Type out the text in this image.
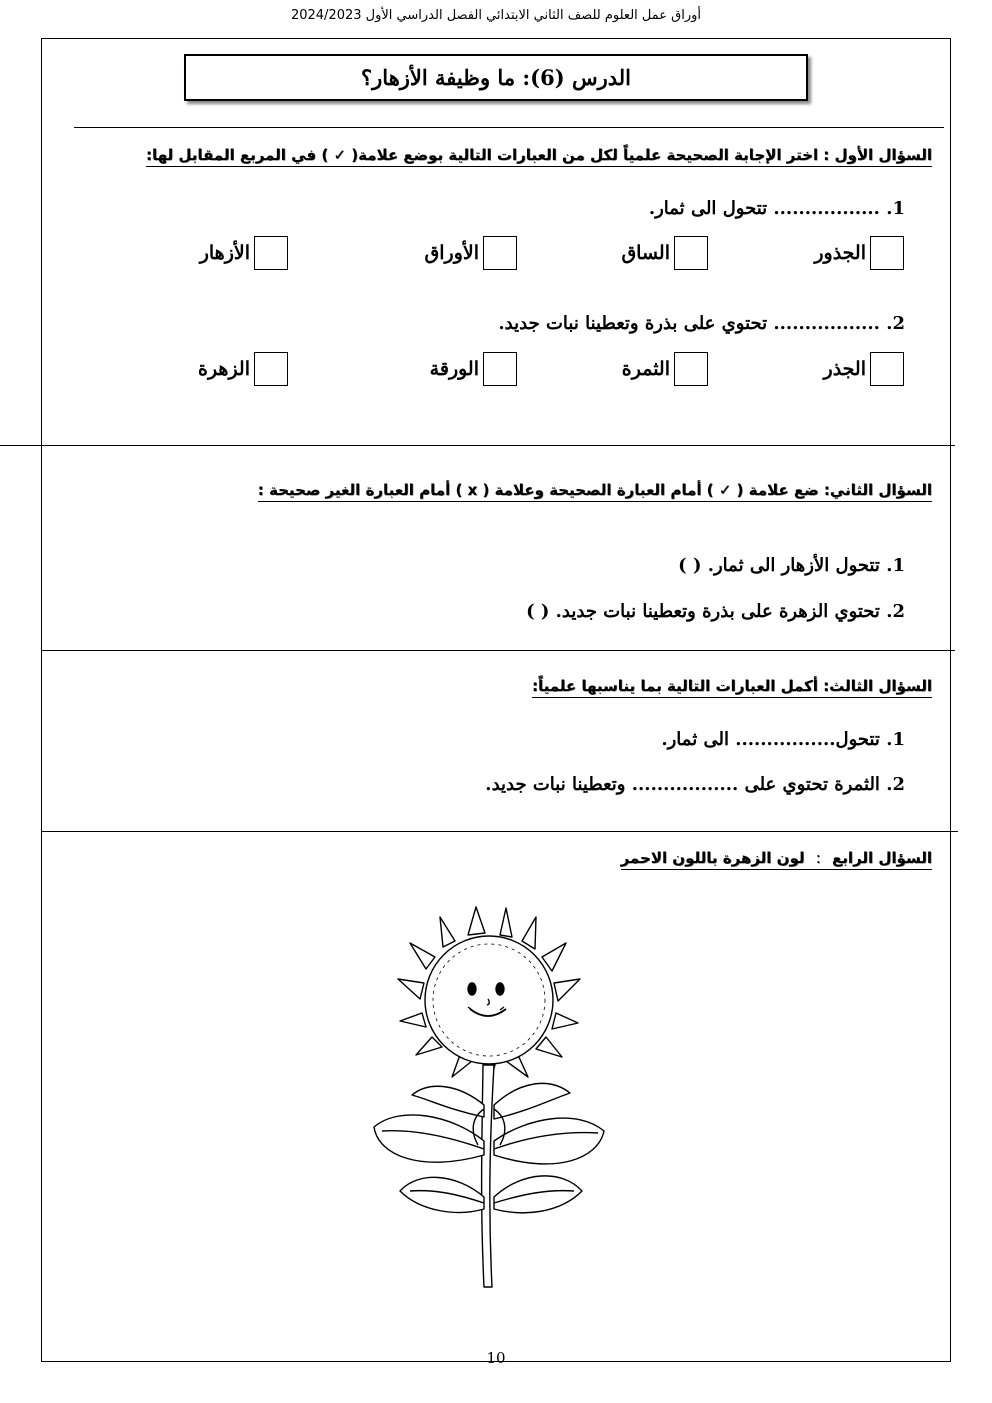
أوراق عمل العلوم للصف الثاني الابتدائي الفصل الدراسي الأول 2024/2023
الدرس (6): ما وظيفة الأزهار؟
السؤال الأول : اختر الإجابة الصحيحة علمياً لكل من العبارات التالية بوضع علامة( ✓ ) في المربع المقابل لها:
1. ................. تتحول الى ثمار.
الجذور
الساق
الأوراق
الأزهار
2. ................. تحتوي على بذرة وتعطينا نبات جديد.
الجذر
الثمرة
الورقة
الزهرة
السؤال الثاني: ضع علامة ( ✓ ) أمام العبارة الصحيحة وعلامة ( x ) أمام العبارة الغير صحيحة :
1. تتحول الأزهار الى ثمار. ( )
2. تحتوي الزهرة على بذرة وتعطينا نبات جديد. ( )
السؤال الثالث: أكمل العبارات التالية بما يناسبها علمياً:
1. تتحول................ الى ثمار.
2. الثمرة تحتوي على ................. وتعطينا نبات جديد.
السؤال الرابع : لون الزهرة باللون الاحمر
10
